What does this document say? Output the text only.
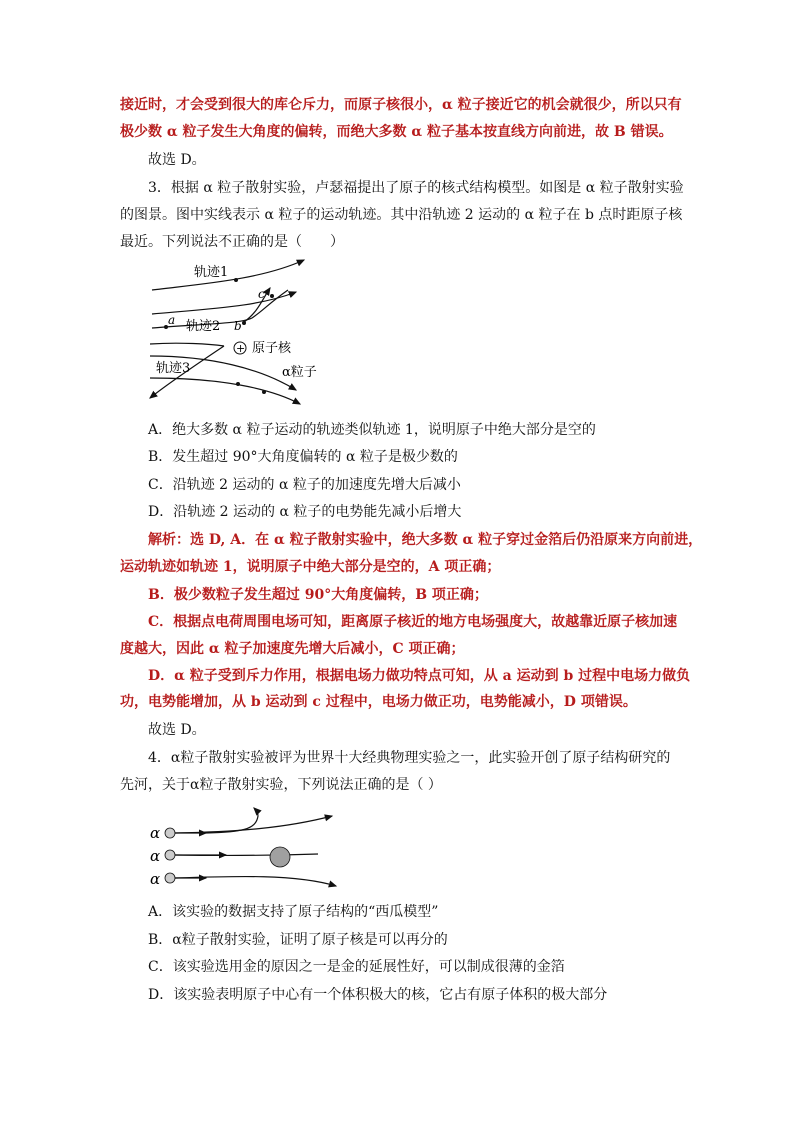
接近时，才会受到很大的库仑斥力，而原子核很小，α 粒子接近它的机会就很少，所以只有
极少数 α 粒子发生大角度的偏转，而绝大多数 α 粒子基本按直线方向前进，故 B 错误。
故选 D。
3．根据 α 粒子散射实验，卢瑟福提出了原子的核式结构模型。如图是 α 粒子散射实验
的图景。图中实线表示 α 粒子的运动轨迹。其中沿轨迹 2 运动的 α 粒子在 b 点时距原子核
最近。下列说法不正确的是（　　）
轨迹1
a	b
c
轨迹2
+ 原子核
轨迹3	α粒子
A．绝大多数 α 粒子运动的轨迹类似轨迹 1，说明原子中绝大部分是空的
B．发生超过 90°大角度偏转的 α 粒子是极少数的
C．沿轨迹 2 运动的 α 粒子的加速度先增大后减小
D．沿轨迹 2 运动的 α 粒子的电势能先减小后增大
解析：选 D, A．在 α 粒子散射实验中，绝大多数 α 粒子穿过金箔后仍沿原来方向前进，
运动轨迹如轨迹 1，说明原子中绝大部分是空的，A 项正确；
B．极少数粒子发生超过 90°大角度偏转，B 项正确；
C．根据点电荷周围电场可知，距离原子核近的地方电场强度大，故越靠近原子核加速
度越大，因此 α 粒子加速度先增大后减小，C 项正确；
D．α 粒子受到斥力作用，根据电场力做功特点可知，从 a 运动到 b 过程中电场力做负
功，电势能增加，从 b 运动到 c 过程中，电场力做正功，电势能减小，D 项错误。
故选 D。
4．α粒子散射实验被评为世界十大经典物理实验之一，此实验开创了原子结构研究的
先河，关于α粒子散射实验，下列说法正确的是（ ）
α
α
α
A．该实验的数据支持了原子结构的“西瓜模型”
B．α粒子散射实验，证明了原子核是可以再分的
C．该实验选用金的原因之一是金的延展性好，可以制成很薄的金箔
D．该实验表明原子中心有一个体积极大的核，它占有原子体积的极大部分
